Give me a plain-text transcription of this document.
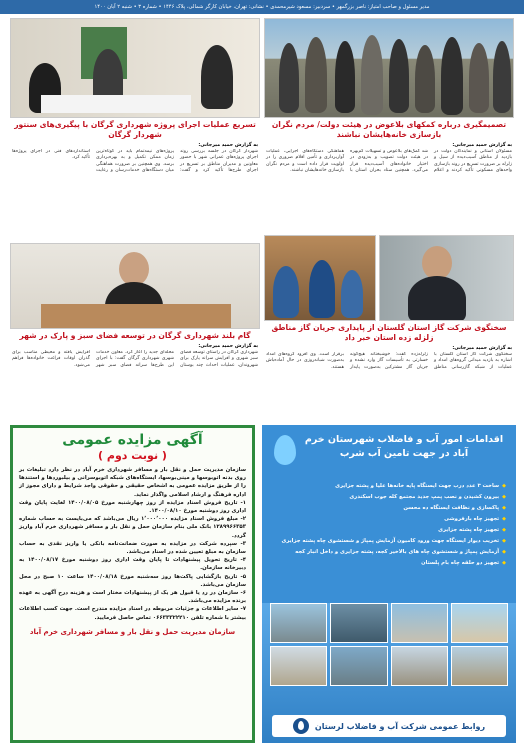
مدیر مسئول و صاحب امتیاز: ناصر بزرگمهر • سردبیر: مسعود شیرمحمدی • نشانی: تهران، خیابان کارگر شمالی، پلاک ۱۴۴۶ • شماره ۳ • شنبه ۲ آبان ۱۴۰۰
تصمیمگیری درباره کمکهای بلاعوض در هیئت دولت/ مردم نگران بازسازی خانه‌هایشان نباشند
به گزارش حمید میرجانی:
مسئولان استانی و نمایندگان دولت در بازدید از مناطق آسیب‌دیده از سیل و زلزله بر ضرورت تسریع در روند بازسازی واحدهای مسکونی تأکید کردند و اعلام شد کمک‌های بلاعوض و تسهیلات کم‌بهره در هیئت دولت تصویب و به‌زودی در اختیار خانواده‌های آسیب‌دیده قرار می‌گیرد. همچنین ستاد بحران استان با هماهنگی دستگاه‌های اجرایی، عملیات آواربرداری و تأمین اقلام ضروری را در اولویت قرار داده است و مردم نگران بازسازی خانه‌هایشان نباشند.
سخنگوی شرکت گاز استان گلستان از پایداری جریان گاز مناطق زلزله زده استان خبر داد
به گزارش حمید میرجانی:
سخنگوی شرکت گاز استان گلستان با اشاره به بازدید میدانی گروه‌های امداد و عملیات از شبکه گازرسانی مناطق زلزله‌زده گفت: خوشبختانه هیچ‌گونه خسارتی به تأسیسات گاز وارد نشده و جریان گاز مشترکین به‌صورت پایدار برقرار است. وی افزود گروه‌های امداد به‌صورت شبانه‌روزی در حال آماده‌باش هستند.
تسریع عملیات اجرای پروژه شهرداری گرگان با پیگیری‌های سنتور شهردار گرگان
به گزارش حمید میرجانی:
شهردار گرگان در جلسه بررسی روند اجرای پروژه‌های عمرانی شهر با حضور معاونین و مدیران مناطق بر تسریع در اجرای طرح‌ها تأکید کرد و گفت: پروژه‌های نیمه‌تمام باید در کوتاه‌ترین زمان ممکن تکمیل و به بهره‌برداری برسد. وی همچنین بر ضرورت هماهنگی میان دستگاه‌های خدمات‌رسان و رعایت استانداردهای فنی در اجرای پروژه‌ها تأکید کرد.
گام بلند شهرداری گرگان در توسعه فضای سبز و پارک در شهر
به گزارش حمید میرجانی:
شهرداری گرگان در راستای توسعه فضای سبز شهری و افزایش سرانه پارک برای شهروندان، عملیات احداث چند بوستان محله‌ای جدید را آغاز کرد. معاون خدمات شهری شهرداری گرگان گفت: با اجرای این طرح‌ها سرانه فضای سبز شهر افزایش یافته و محیطی مناسب برای گذران اوقات فراغت خانواده‌ها فراهم می‌شود.
آگهی مزایده عمومی
( نوبت دوم )
سازمان مدیریت حمل و نقل بار و مسافر شهرداری خرم آباد در نظر دارد تبلیغات بر روی بدنه اتوبوسها و مینی‌بوسها، ایستگاه‌های شبکه اتوبوسرانی و بیلبوردها و استندها را از طریق مزایده عمومی به اشخاص حقیقی و حقوقی واجد شرایط و دارای مجوز از اداره فرهنگ و ارشاد اسلامی واگذار نماید.
۱- تاریخ فروش اسناد مزایده از روز چهارشنبه مورخ ۱۴۰۰/۰۸/۰۵ لغایت پایان وقت اداری روز دوشنبه مورخ ۱۴۰۰/۰۸/۱۰.
۲- مبلغ فروش اسناد مزایده ۱٬۰۰۰٬۰۰۰ ریال می‌باشد که می‌بایست به حساب شماره ۱۲۸۹۹۶۶۳۵۳ بانک ملی بنام سازمان حمل و نقل بار و مسافر شهرداری خرم آباد واریز گردد.
۳- سپرده شرکت در مزایده به صورت ضمانت‌نامه بانکی یا واریز نقدی به حساب سازمان به مبلغ تعیین شده در اسناد می‌باشد.
۴- تاریخ تحویل پیشنهادات تا پایان وقت اداری روز دوشنبه مورخ ۱۴۰۰/۰۸/۱۷ به دبیرخانه سازمان.
۵- تاریخ بازگشایی پاکت‌ها روز سه‌شنبه مورخ ۱۴۰۰/۰۸/۱۸ ساعت ۱۰ صبح در محل سازمان می‌باشد.
۶- سازمان در رد یا قبول هر یک از پیشنهادات مختار است و هزینه درج آگهی به عهده برنده مزایده می‌باشد.
۷- سایر اطلاعات و جزئیات مربوطه در اسناد مزایده مندرج است. جهت کسب اطلاعات بیشتر با شماره تلفن ۰۶۶۳۳۳۲۲۲۱۰ تماس حاصل فرمایید.
سازمان مدیریت حمل و نقل بار و مسافر شهرداری خرم آباد
اقدامات امور آب و فاضلاب شهرستان خرم آباد در جهت تامین آب شرب
◆ ساخت ۳ عدد درب جهت ایستگاه پایه خانه‌ها علیا و پشته جزایری
◆ بیرون کشیدن و نصب پمپ جدید مجتمع کله جوب اسکندری
◆ پاکسازی و نظافت ایستگاه ده محسن
◆ تجهیز چاه بارفروشی
◆ تجهیز چاه پشته جزایری
◆ تخریب دیوار ایستگاه جهت ورود کامیون آزمایش پمپاژ و شستشوی چاه پشته جزایری
◆ آزمایش پمپاژ و شستشوی چاه های بالاخیر کجه، پشته جزایری و داخل انبار کجه
◆ تجهیز دو حلقه چاه بام پلستان
روابط عمومی شرکت آب و فاضلاب لرستان
